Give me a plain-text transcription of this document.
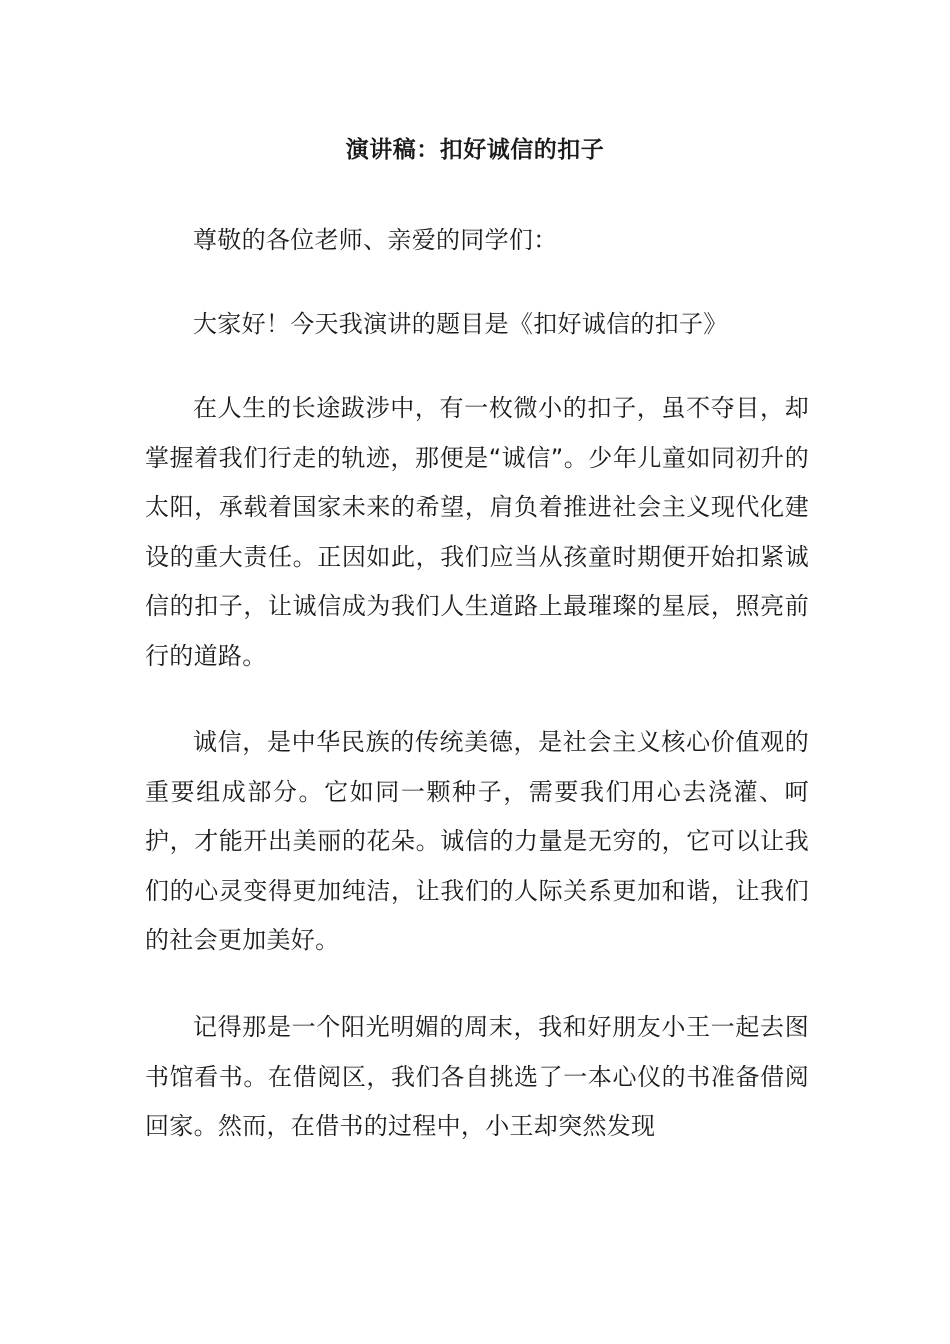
演讲稿：扣好诚信的扣子

尊敬的各位老师、亲爱的同学们：

大家好！今天我演讲的题目是《扣好诚信的扣子》

在人生的长途跋涉中，有一枚微小的扣子，虽不夺目，却掌握着我们行走的轨迹，那便是“诚信”。少年儿童如同初升的太阳，承载着国家未来的希望，肩负着推进社会主义现代化建设的重大责任。正因如此，我们应当从孩童时期便开始扣紧诚信的扣子，让诚信成为我们人生道路上最璀璨的星辰，照亮前行的道路。

诚信，是中华民族的传统美德，是社会主义核心价值观的重要组成部分。它如同一颗种子，需要我们用心去浇灌、呵护，才能开出美丽的花朵。诚信的力量是无穷的，它可以让我们的心灵变得更加纯洁，让我们的人际关系更加和谐，让我们的社会更加美好。

记得那是一个阳光明媚的周末，我和好朋友小王一起去图书馆看书。在借阅区，我们各自挑选了一本心仪的书准备借阅回家。然而，在借书的过程中，小王却突然发现
